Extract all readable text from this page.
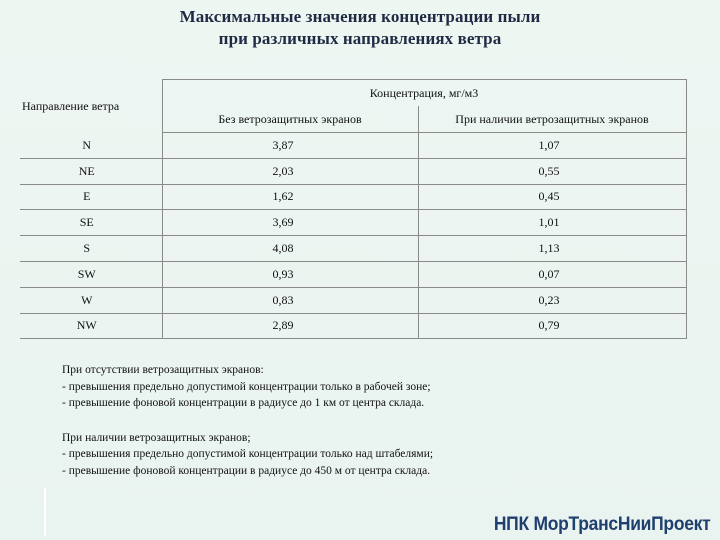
Максимальные значения концентрации пыли
при различных направлениях ветра
Направление ветра	Концентрация, мг/м3	
	Без ветрозащитных экранов	При наличии ветрозащитных экранов
N	3,87	1,07
NE	2,03	0,55
E	1,62	0,45
SE	3,69	1,01
S	4,08	1,13
SW	0,93	0,07
W	0,83	0,23
NW	2,89	0,79
При отсутствии ветрозащитных экранов:
- превышения предельно допустимой концентрации только в рабочей зоне;
- превышение фоновой концентрации в радиусе до 1 км от центра склада.
При наличии ветрозащитных экранов;
- превышения предельно допустимой концентрации только над штабелями;
- превышение фоновой концентрации в радиусе до 450 м от центра склада.
НПК МорТрансНииПроект
